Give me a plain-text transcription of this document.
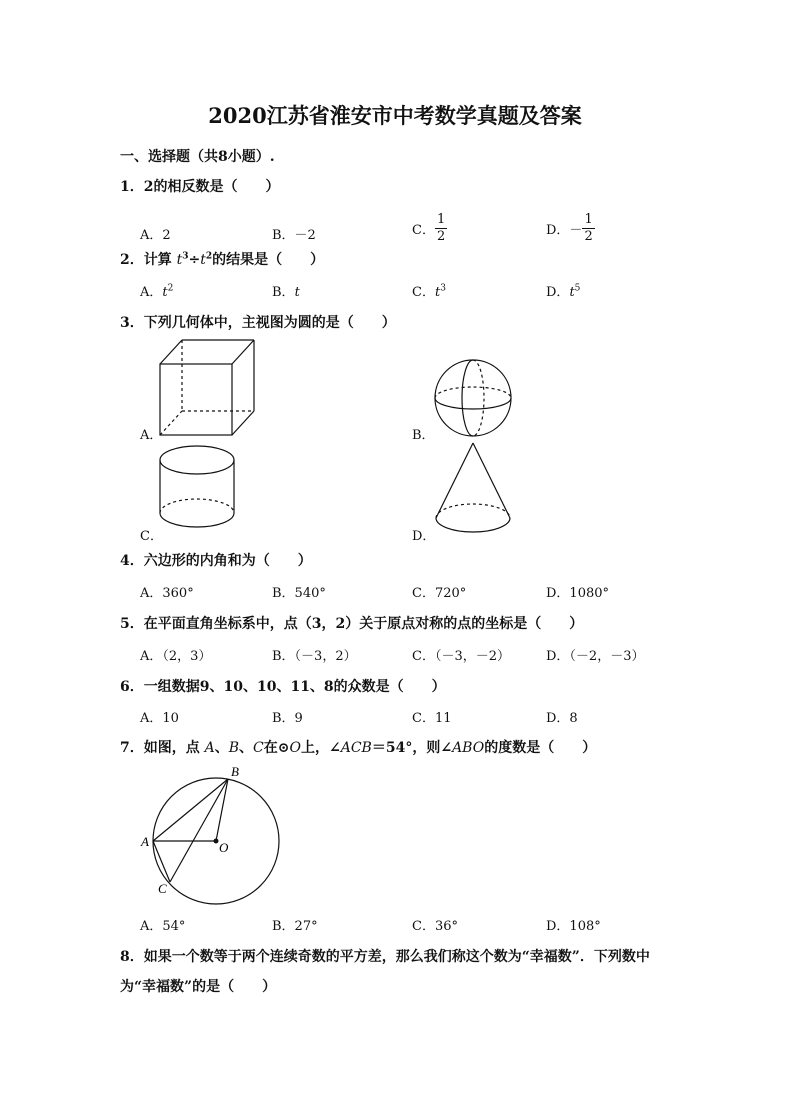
2020江苏省淮安市中考数学真题及答案
一、选择题（共8小题）.
1．2的相反数是（　　）
A．2	B．－2	C． $\frac{1}{2}$	D．－ $\frac{1}{2}$
2．计算 $t^3\div t^2$的结果是（　　）
A．$t^2$	B．t	C．$t^3$	D．$t^5$
3．下列几何体中，主视图为圆的是（　　）
A
B
C
O
A．	B．
C．	D．
4．六边形的内角和为（　　）
A．360°	B．540°	C．720°	D．1080°
5．在平面直角坐标系中，点（3，2）关于原点对称的点的坐标是（　　）
A．（2，3）	B．（－3，2）	C．（－3，－2）	D．（－2，－3）
6．一组数据9、10、10、11、8的众数是（　　）
A．10	B．9	C．11	D．8
7．如图，点 A、B、C在⊙O上，∠ACB＝54°，则∠ABO的度数是（　　）
A．54°	B．27°	C．36°	D．108°
8．如果一个数等于两个连续奇数的平方差，那么我们称这个数为“幸福数”．下列数中
为“幸福数”的是（　　）
